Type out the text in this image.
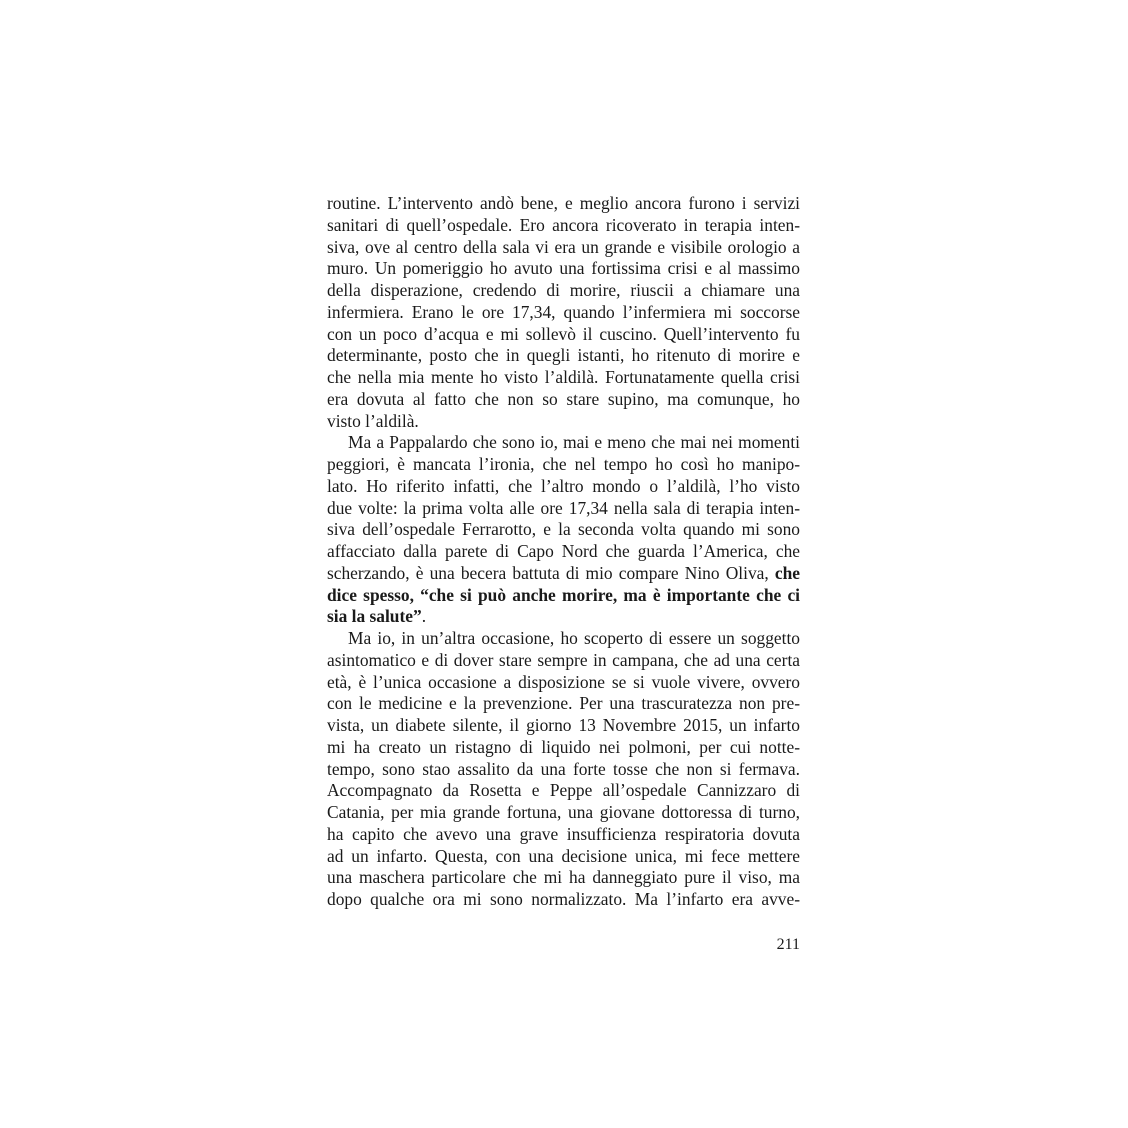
routine. L’intervento andò bene, e meglio ancora furono i servizi
sanitari di quell’ospedale. Ero ancora ricoverato in terapia inten-
siva, ove al centro della sala vi era un grande e visibile orologio a
muro. Un pomeriggio ho avuto una fortissima crisi e al massimo
della disperazione, credendo di morire, riuscii a chiamare una
infermiera. Erano le ore 17,34, quando l’infermiera mi soccorse
con un poco d’acqua e mi sollevò il cuscino. Quell’intervento fu
determinante, posto che in quegli istanti, ho ritenuto di morire e
che nella mia mente ho visto l’aldilà. Fortunatamente quella crisi
era dovuta al fatto che non so stare supino, ma comunque, ho
visto l’aldilà.
Ma a Pappalardo che sono io, mai e meno che mai nei momenti
peggiori, è mancata l’ironia, che nel tempo ho così ho manipo-
lato. Ho riferito infatti, che l’altro mondo o l’aldilà, l’ho visto
due volte: la prima volta alle ore 17,34 nella sala di terapia inten-
siva dell’ospedale Ferrarotto, e la seconda volta quando mi sono
affacciato dalla parete di Capo Nord che guarda l’America, che
scherzando, è una becera battuta di mio compare Nino Oliva, che
dice spesso, “che si può anche morire, ma è importante che ci
sia la salute”.
Ma io, in un’altra occasione, ho scoperto di essere un soggetto
asintomatico e di dover stare sempre in campana, che ad una certa
età, è l’unica occasione a disposizione se si vuole vivere, ovvero
con le medicine e la prevenzione. Per una trascuratezza non pre-
vista, un diabete silente, il giorno 13 Novembre 2015, un infarto
mi ha creato un ristagno di liquido nei polmoni, per cui notte-
tempo, sono stao assalito da una forte tosse che non si fermava.
Accompagnato da Rosetta e Peppe all’ospedale Cannizzaro di
Catania, per mia grande fortuna, una giovane dottoressa di turno,
ha capito che avevo una grave insufficienza respiratoria dovuta
ad un infarto. Questa, con una decisione unica, mi fece mettere
una maschera particolare che mi ha danneggiato pure il viso, ma
dopo qualche ora mi sono normalizzato. Ma l’infarto era avve-
211
